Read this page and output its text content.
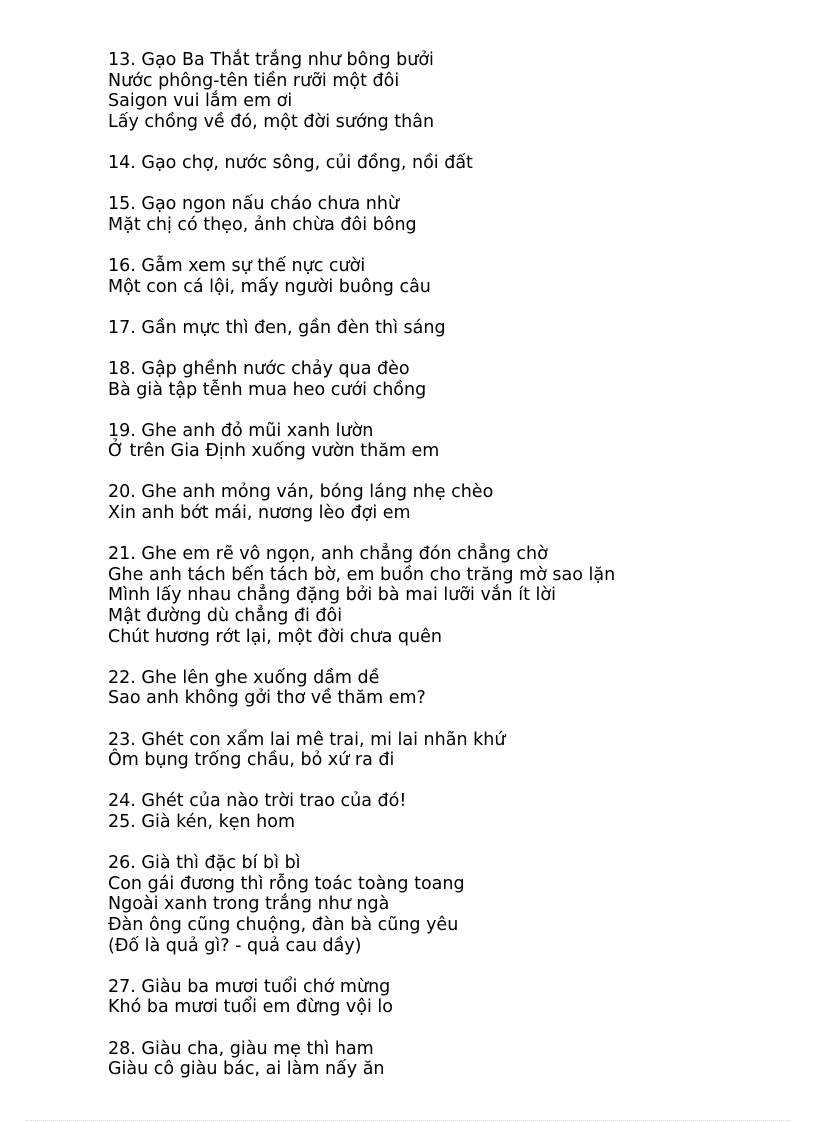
13. Gạo Ba Thắt trắng như bông bưởi
Nước phông-tên tiền rưỡi một đôi
Saigon vui lắm em ơi
Lấy chồng về đó, một đời sướng thân
14. Gạo chợ, nước sông, củi đồng, nồi đất
15. Gạo ngon nấu cháo chưa nhừ
Mặt chị có thẹo, ảnh chừa đôi bông
16. Gẫm xem sự thế nực cười
Một con cá lội, mấy người buông câu
17. Gần mực thì đen, gần đèn thì sáng
18. Gập ghềnh nước chảy qua đèo
Bà già tập tễnh mua heo cưới chồng
19. Ghe anh đỏ mũi xanh lườn
Ở trên Gia Định xuống vườn thăm em
20. Ghe anh mỏng ván, bóng láng nhẹ chèo
Xin anh bớt mái, nương lèo đợi em
21. Ghe em rẽ vô ngọn, anh chẳng đón chẳng chờ
Ghe anh tách bến tách bờ, em buồn cho trăng mờ sao lặn
Mình lấy nhau chẳng đặng bởi bà mai lưỡi vắn ít lời
Mật đường dù chẳng đi đôi
Chút hương rớt lại, một đời chưa quên
22. Ghe lên ghe xuống dầm dề
Sao anh không gởi thơ về thăm em?
23. Ghét con xẩm lai mê trai, mi lai nhãn khứ
Ôm bụng trống chầu, bỏ xứ ra đi
24. Ghét của nào trời trao của đó!
25. Già kén, kẹn hom
26. Già thì đặc bí bì bì
Con gái đương thì rỗng toác toàng toang
Ngoài xanh trong trắng như ngà
Đàn ông cũng chuộng, đàn bà cũng yêu
(Đố là quả gì? - quả cau dầy)
27. Giàu ba mươi tuổi chớ mừng
Khó ba mươi tuổi em đừng vội lo
28. Giàu cha, giàu mẹ thì ham
Giàu cô giàu bác, ai làm nấy ăn
